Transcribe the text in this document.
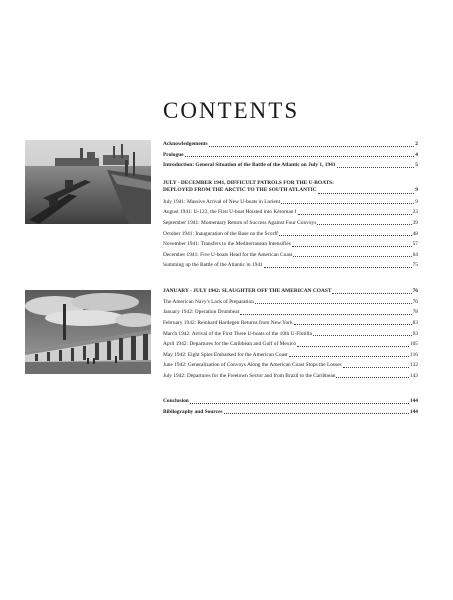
CONTENTS
Acknowledgements	2
Prologue	4
Introduction: General Situation of the Battle of the Atlantic on July 1, 1941	5
JULY - DECEMBER 1941, DIFFICULT PATROLS FOR THE U-BOATS:
DEPLOYED FROM THE ARCTIC TO THE SOUTH ATLANTIC	9
July 1941: Massive Arrival of New U-boats in Lorient	9
August 1941: U-123, the First U-boat Hoisted into Kéroman I	23
September 1941: Momentary Return of Success Against Four Convoys	39
October 1941: Inauguration of the Base on the Scorff	48
November 1941: Transfers to the Mediterranean Intensifies	57
December 1941: Five U-boats Head for the American Coast	64
Summing up the Battle of the Atlantic in 1941	75
JANUARY - JULY 1942: SLAUGHTER OFF THE AMERICAN COAST	76
The American Navy's Lack of Preparation	76
January 1942: Operation Drumbeat	78
February 1942: Reinhard Hardegen Returns from New York	83
March 1942: Arrival of the First Three U-boats of the 10th U-Flotilla	93
April 1942: Departures for the Caribbean and Gulf of Mexico	105
May 1942: Eight Spies Embarked for the American Coast	116
June 1942: Generalization of Convoys Along the American Coast Stops the Losses	132
July 1942: Departures for the Freetown Sector and from Brazil to the Caribbean	143
Conclusion	144
Bibliography and Sources	144
